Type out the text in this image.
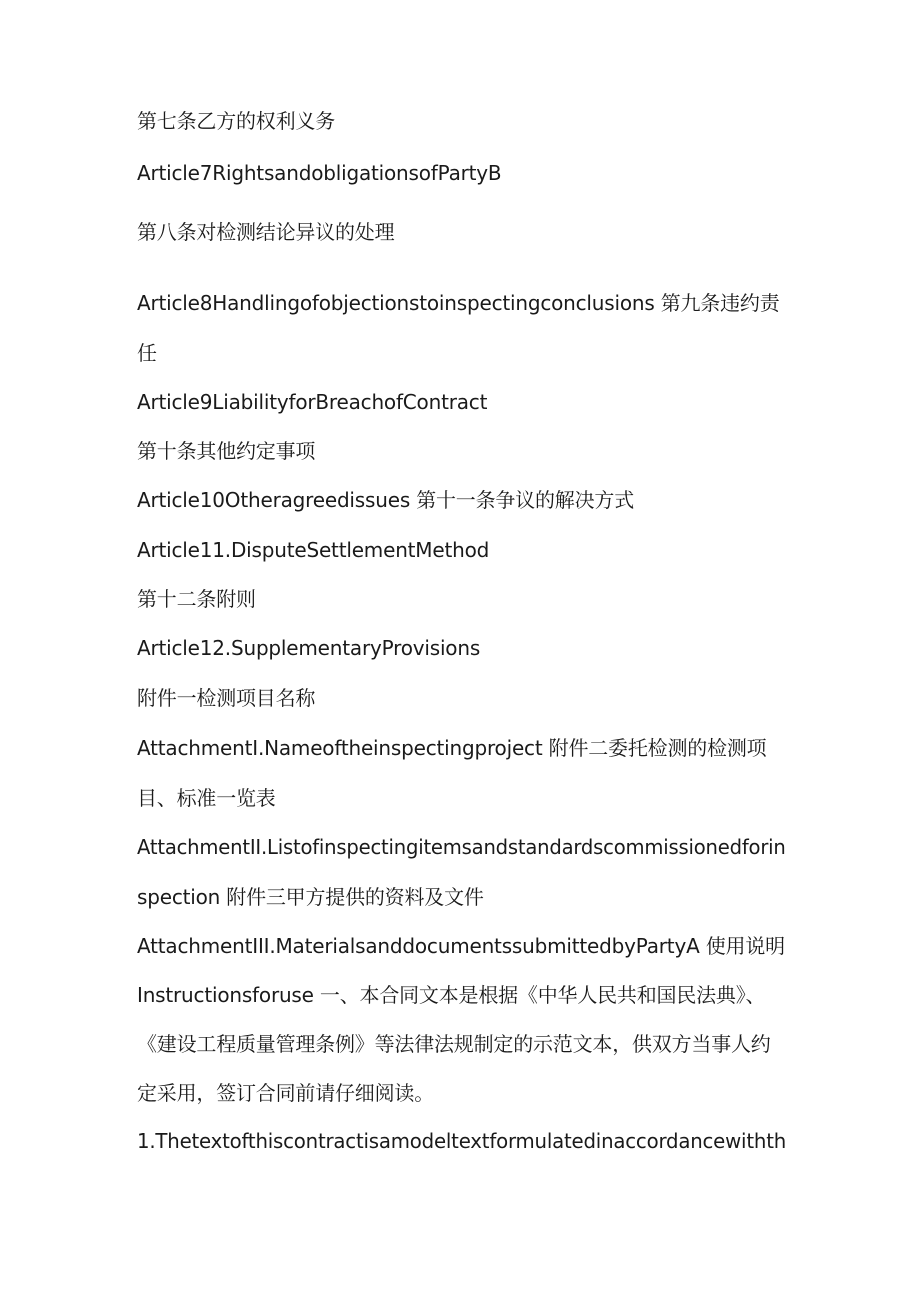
第七条乙方的权利义务
Article7RightsandobligationsofPartyB
第八条对检测结论异议的处理
Article8Handlingofobjectionstoinspectingconclusions 第九条违约责
任
Article9LiabilityforBreachofContract
第十条其他约定事项
Article10Otheragreedissues 第十一条争议的解决方式
Article11.DisputeSettlementMethod
第十二条附则
Article12.SupplementaryProvisions
附件一检测项目名称
AttachmentI.Nameoftheinspectingproject 附件二委托检测的检测项
目、标准一览表
AttachmentII.Listofinspectingitemsandstandardscommissionedforin
spection 附件三甲方提供的资料及文件
AttachmentIII.MaterialsanddocumentssubmittedbyPartyA 使用说明
Instructionsforuse 一、本合同文本是根据《中华人民共和国民法典》、
《建设工程质量管理条例》等法律法规制定的示范文本，供双方当事人约
定采用，签订合同前请仔细阅读。
1.Thetextofthiscontractisamodeltextformulatedinaccordancewithth
